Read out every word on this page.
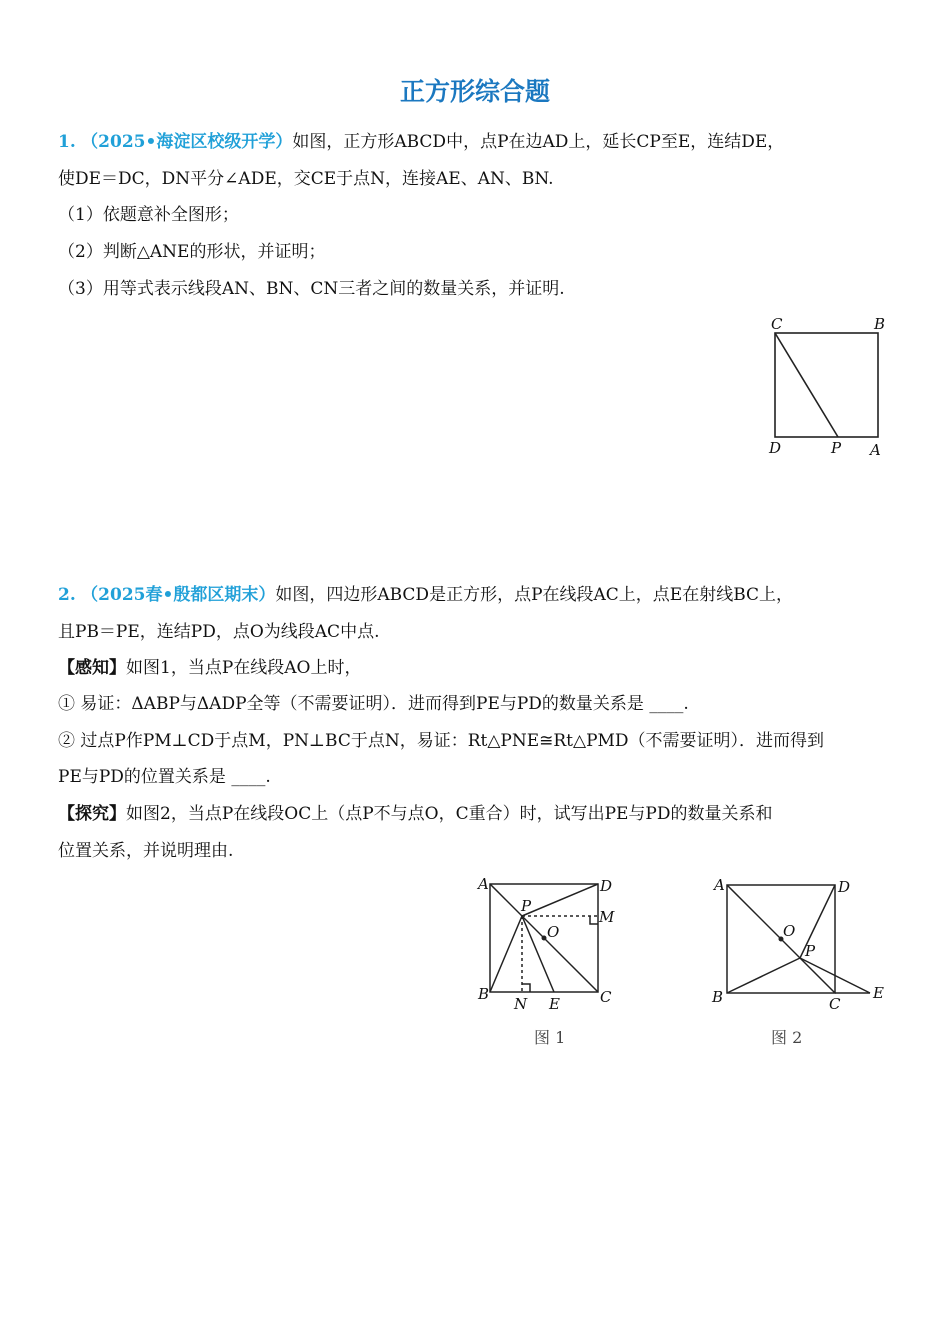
正方形综合题
1. （2025•海淀区校级开学）如图，正方形ABCD中，点P在边AD上，延长CP至E，连结DE，
使DE＝DC，DN平分∠ADE，交CE于点N，连接AE、AN、BN.
（1）依题意补全图形；
（2）判断△ANE的形状，并证明；
（3）用等式表示线段AN、BN、CN三者之间的数量关系，并证明.
C	B
D	P A
2. （2025春•殷都区期末）如图，四边形ABCD是正方形，点P在线段AC上，点E在射线BC上，
且PB＝PE，连结PD，点O为线段AC中点.
【感知】如图1，当点P在线段AO上时，
① 易证：ΔABP与ΔADP全等（不需要证明）．进而得到PE与PD的数量关系是 ____.
② 过点P作PM⊥CD于点M，PN⊥BC于点N，易证：Rt△PNE≅Rt△PMD（不需要证明）．进而得到
PE与PD的位置关系是 ____.
【探究】如图2，当点P在线段OC上（点P不与点O，C重合）时，试写出PE与PD的数量关系和
位置关系，并说明理由.
A	D
P
M
O
B
N E	C
图 1
A	D
O
P
B	C
E
图 2
